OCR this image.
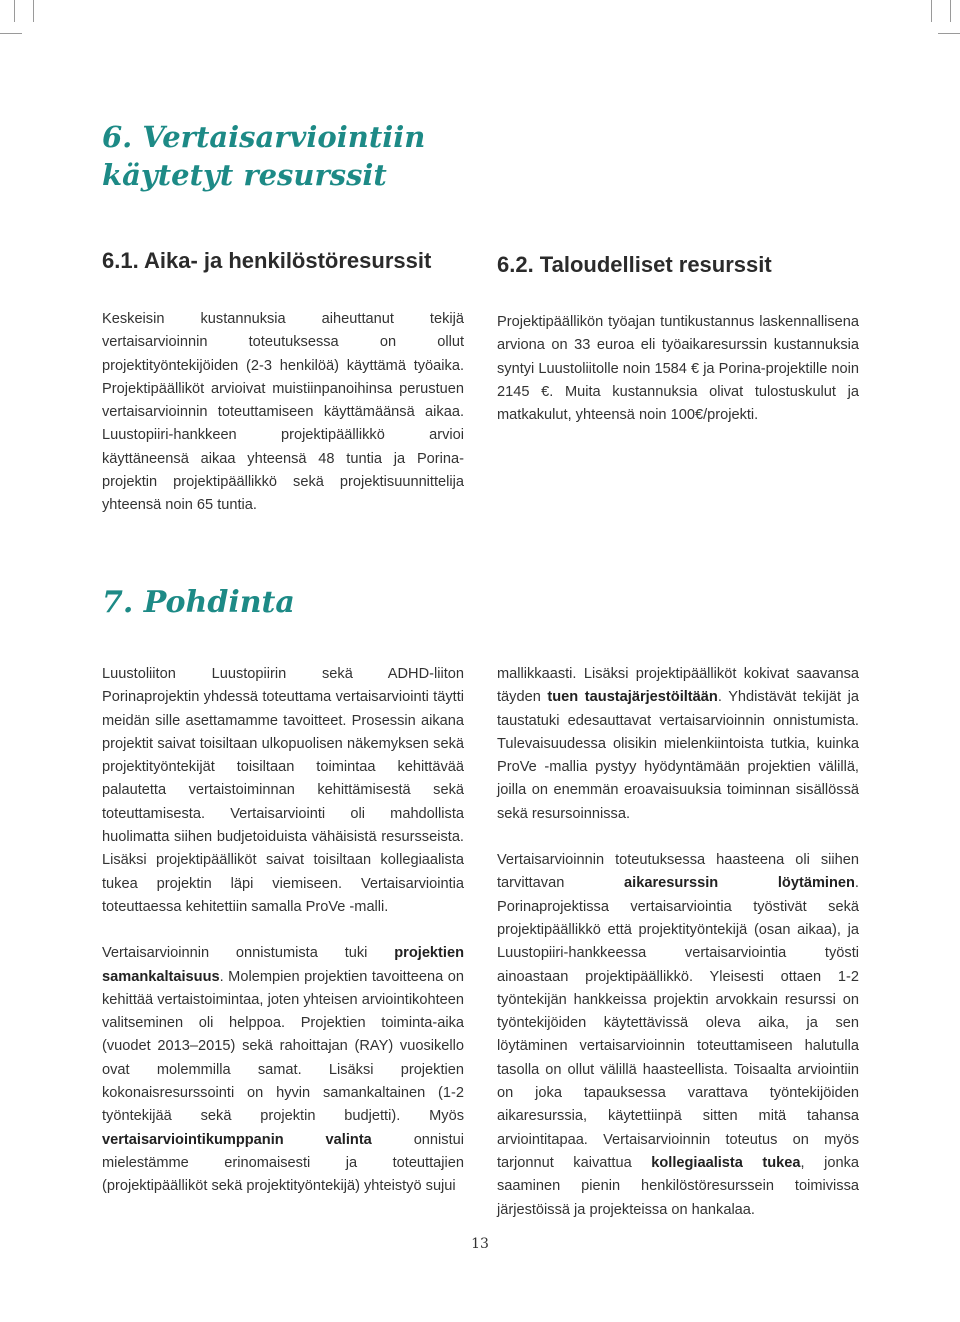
6. Vertaisarviointiin
käytetyt resurssit
6.1. Aika- ja henkilöstöresurssit

Keskeisin kustannuksia aiheuttanut tekijä vertaisarvioinnin toteutuksessa on ollut projektityöntekijöiden (2-3 henkilöä) käyttämä työaika. Projektipäälliköt arvioivat muistiinpanoihinsa perustuen vertaisarvioinnin toteuttamiseen käyttämäänsä aikaa. Luustopiiri-hankkeen projektipäällikkö arvioi käyttäneensä aikaa yhteensä 48 tuntia ja Porina-projektin projektipäällikkö sekä projektisuunnittelija yhteensä noin 65 tuntia.

6.2. Taloudelliset resurssit

Projektipäällikön työajan tuntikustannus laskennallisena arviona on 33 euroa eli työaikaresurssin kustannuksia syntyi Luustoliitolle noin 1584 € ja Porina-projektille noin 2145 €. Muita kustannuksia olivat tulostuskulut ja matkakulut, yhteensä noin 100€/projekti.

7. Pohdinta

Luustoliiton Luustopiirin sekä ADHD-liiton Porinaprojektin yhdessä toteuttama vertaisarviointi täytti meidän sille asettamamme tavoitteet. Prosessin aikana projektit saivat toisiltaan ulkopuolisen näkemyksen sekä projektityöntekijät toisiltaan toimintaa kehittävää palautetta vertaistoiminnan kehittämisestä sekä toteuttamisesta. Vertaisarviointi oli mahdollista huolimatta siihen budjetoiduista vähäisistä resursseista. Lisäksi projektipäälliköt saivat toisiltaan kollegiaalista tukea projektin läpi viemiseen. Vertaisarviointia toteuttaessa kehitettiin samalla ProVe -malli.

Vertaisarvioinnin onnistumista tuki projektien samankaltaisuus. Molempien projektien tavoitteena on kehittää vertaistoimintaa, joten yhteisen arviointikohteen valitseminen oli helppoa. Projektien toiminta-aika (vuodet 2013–2015) sekä rahoittajan (RAY) vuosikello ovat molemmilla samat. Lisäksi projektien kokonaisresurssointi on hyvin samankaltainen (1-2 työntekijää sekä projektin budjetti). Myös vertaisarviointikumppanin valinta onnistui mielestämme erinomaisesti ja toteuttajien (projektipäälliköt sekä projektityöntekijä) yhteistyö sujui

mallikkaasti. Lisäksi projektipäälliköt kokivat saavansa täyden tuen taustajärjestöiltään. Yhdistävät tekijät ja taustatuki edesauttavat vertaisarvioinnin onnistumista. Tulevaisuudessa olisikin mielenkiintoista tutkia, kuinka ProVe -mallia pystyy hyödyntämään projektien välillä, joilla on enemmän eroavaisuuksia toiminnan sisällössä sekä resursoinnissa.

Vertaisarvioinnin toteutuksessa haasteena oli siihen tarvittavan aikaresurssin löytäminen. Porinaprojektissa vertaisarviointia työstivät sekä projektipäällikkö että projektityöntekijä (osan aikaa), ja Luustopiiri-hankkeessa vertaisarviointia työsti ainoastaan projektipäällikkö. Yleisesti ottaen 1-2 työntekijän hankkeissa projektin arvokkain resurssi on työntekijöiden käytettävissä oleva aika, ja sen löytäminen vertaisarvioinnin toteuttamiseen halutulla tasolla on ollut välillä haasteellista. Toisaalta arviointiin on joka tapauksessa varattava työntekijöiden aikaresurssia, käytettiinpä sitten mitä tahansa arviointitapaa. Vertaisarvioinnin toteutus on myös tarjonnut kaivattua kollegiaalista tukea, jonka saaminen pienin henkilöstöresurssein toimivissa järjestöissä ja projekteissa on hankalaa.

13
